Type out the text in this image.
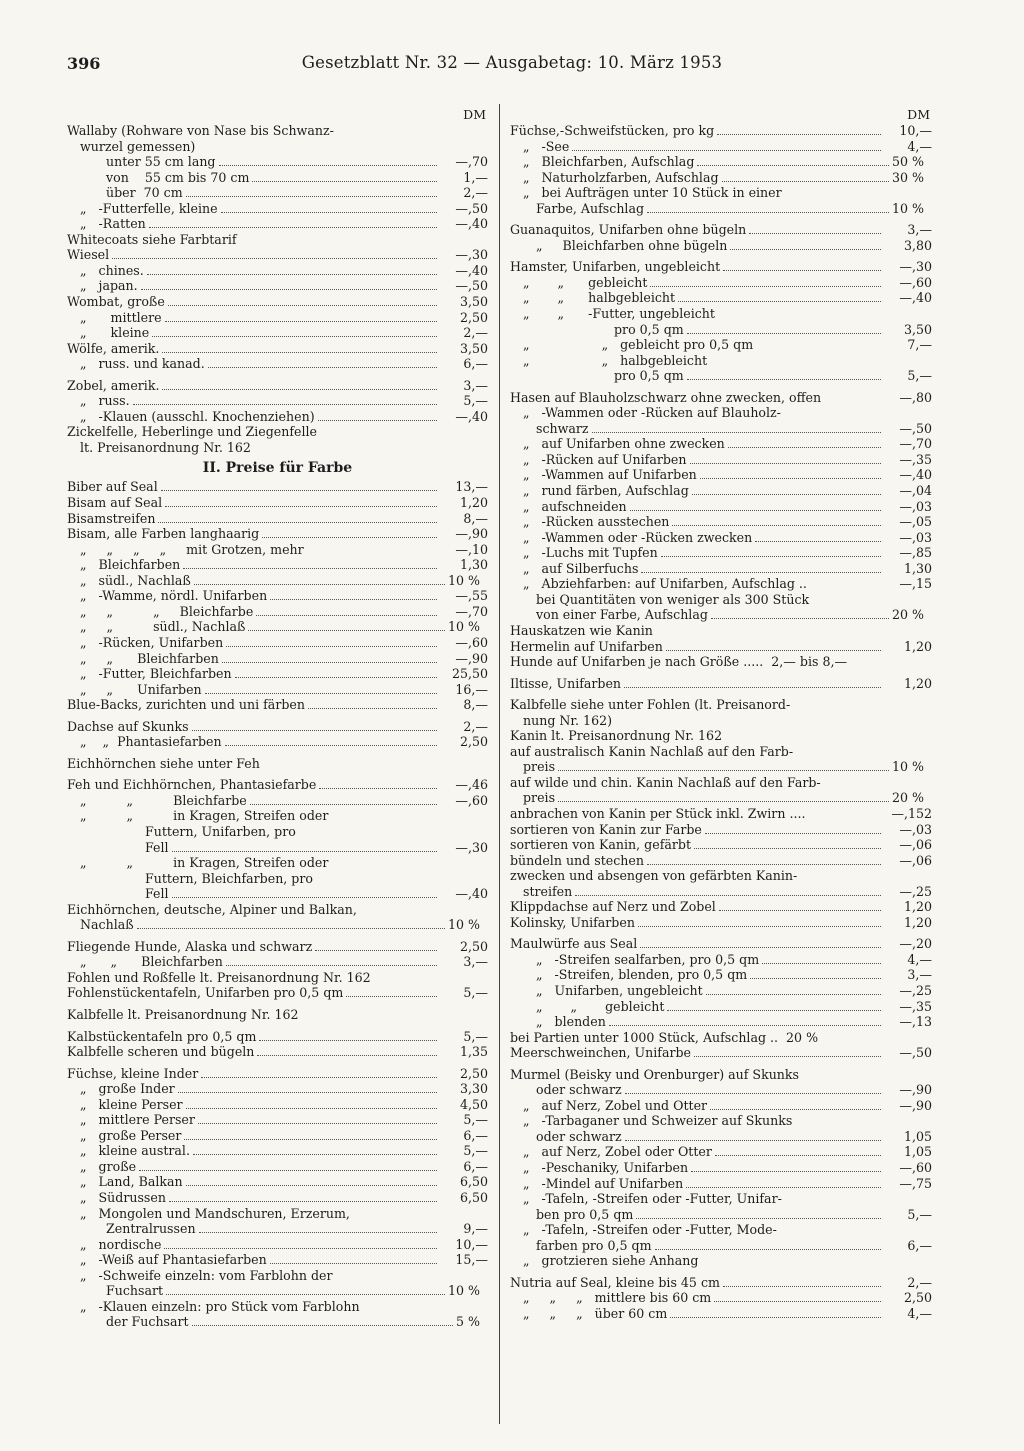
396	Gesetzblatt Nr. 32 — Ausgabetag: 10. März 1953
DM
Wallaby (Rohware von Nase bis Schwanz-
wurzel gemessen)
unter 55 cm lang	—,70
von    55 cm bis 70 cm	1,—
über  70 cm	2,—
„   -Futterfelle, kleine	—,50
„   -Ratten	—,40
Whitecoats siehe Farbtarif
Wiesel	—,30
„   chines.	—,40
„   japan.	—,50
Wombat, große	3,50
„      mittlere	2,50
„      kleine	2,—
Wölfe, amerik.	3,50
„   russ. und kanad.	6,—
Zobel, amerik.	3,—
„   russ.	5,—
„   -Klauen (ausschl. Knochenziehen)	—,40
Zickelfelle, Heberlinge und Ziegenfelle
lt. Preisanordnung Nr. 162
II. Preise für Farbe
Biber auf Seal	13,—
Bisam auf Seal	1,20
Bisamstreifen	8,—
Bisam, alle Farben langhaarig	—,90
„     „     „     „     mit Grotzen, mehr	—,10
„   Bleichfarben	1,30
„   südl., Nachlaß	10 %
„   -Wamme, nördl. Unifarben	—,55
„     „          „     Bleichfarbe	—,70
„     „          südl., Nachlaß	10 %
„   -Rücken, Unifarben	—,60
„     „      Bleichfarben	—,90
„   -Futter, Bleichfarben	25,50
„     „      Unifarben	16,—
Blue-Backs, zurichten und uni färben	8,—
Dachse auf Skunks	2,—
„    „  Phantasiefarben	2,50
Eichhörnchen siehe unter Feh
Feh und Eichhörnchen, Phantasiefarbe	—,46
„          „          Bleichfarbe	—,60
„          „          in Kragen, Streifen oder
Futtern, Unifarben, pro
Fell	—,30
„          „          in Kragen, Streifen oder
Futtern, Bleichfarben, pro
Fell	—,40
Eichhörnchen, deutsche, Alpiner und Balkan,
Nachlaß	10 %
Fliegende Hunde, Alaska und schwarz	2,50
„      „      Bleichfarben	3,—
Fohlen und Roßfelle lt. Preisanordnung Nr. 162
Fohlenstückentafeln, Unifarben pro 0,5 qm	5,—
Kalbfelle lt. Preisanordnung Nr. 162
Kalbstückentafeln pro 0,5 qm	5,—
Kalbfelle scheren und bügeln	1,35
Füchse, kleine Inder	2,50
„   große Inder	3,30
„   kleine Perser	4,50
„   mittlere Perser	5,—
„   große Perser	6,—
„   kleine austral.	5,—
„   große	6,—
„   Land, Balkan	6,50
„   Südrussen	6,50
„   Mongolen und Mandschuren, Erzerum,
Zentralrussen	9,—
„   nordische	10,—
„   -Weiß auf Phantasiefarben	15,—
„   -Schweife einzeln: vom Farblohn der
Fuchsart	10 %
„   -Klauen einzeln: pro Stück vom Farblohn
der Fuchsart	5 %
DM
Füchse,-Schweifstücken, pro kg	10,—
„   -See	4,—
„   Bleichfarben, Aufschlag	50 %
„   Naturholzfarben, Aufschlag	30 %
„   bei Aufträgen unter 10 Stück in einer
Farbe, Aufschlag	10 %
Guanaquitos, Unifarben ohne bügeln	3,—
„     Bleichfarben ohne bügeln	3,80
Hamster, Unifarben, ungebleicht	—,30
„       „      gebleicht	—,60
„       „      halbgebleicht	—,40
„       „      -Futter, ungebleicht
pro 0,5 qm	3,50
„                  „   gebleicht pro 0,5 qm	7,—
„                  „   halbgebleicht
pro 0,5 qm	5,—
Hasen auf Blauholzschwarz ohne zwecken, offen	—,80
„   -Wammen oder -Rücken auf Blauholz-
schwarz	—,50
„   auf Unifarben ohne zwecken	—,70
„   -Rücken auf Unifarben	—,35
„   -Wammen auf Unifarben	—,40
„   rund färben, Aufschlag	—,04
„   aufschneiden	—,03
„   -Rücken ausstechen	—,05
„   -Wammen oder -Rücken zwecken	—,03
„   -Luchs mit Tupfen	—,85
„   auf Silberfuchs	1,30
„   Abziehfarben: auf Unifarben, Aufschlag ..	—,15
bei Quantitäten von weniger als 300 Stück
von einer Farbe, Aufschlag	20 %
Hauskatzen wie Kanin
Hermelin auf Unifarben	1,20
Hunde auf Unifarben je nach Größe .....  2,— bis 8,—
Iltisse, Unifarben	1,20
Kalbfelle siehe unter Fohlen (lt. Preisanord-
nung Nr. 162)
Kanin lt. Preisanordnung Nr. 162
auf australisch Kanin Nachlaß auf den Farb-
preis	10 %
auf wilde und chin. Kanin Nachlaß auf den Farb-
preis	20 %
anbrachen von Kanin per Stück inkl. Zwirn ....	—,152
sortieren von Kanin zur Farbe	—,03
sortieren von Kanin, gefärbt	—,06
bündeln und stechen	—,06
zwecken und absengen von gefärbten Kanin-
streifen	—,25
Klippdachse auf Nerz und Zobel	1,20
Kolinsky, Unifarben	1,20
Maulwürfe aus Seal	—,20
„   -Streifen sealfarben, pro 0,5 qm	4,—
„   -Streifen, blenden, pro 0,5 qm	3,—
„   Unifarben, ungebleicht	—,25
„       „       gebleicht	—,35
„   blenden	—,13
bei Partien unter 1000 Stück, Aufschlag ..  20 %
Meerschweinchen, Unifarbe	—,50
Murmel (Beisky und Orenburger) auf Skunks
oder schwarz	—,90
„   auf Nerz, Zobel und Otter	—,90
„   -Tarbaganer und Schweizer auf Skunks
oder schwarz	1,05
„   auf Nerz, Zobel oder Otter	1,05
„   -Peschaniky, Unifarben	—,60
„   -Mindel auf Unifarben	—,75
„   -Tafeln, -Streifen oder -Futter, Unifar-
ben pro 0,5 qm	5,—
„   -Tafeln, -Streifen oder -Futter, Mode-
farben pro 0,5 qm	6,—
„   grotzieren siehe Anhang
Nutria auf Seal, kleine bis 45 cm	2,—
„     „     „   mittlere bis 60 cm	2,50
„     „     „   über 60 cm	4,—
